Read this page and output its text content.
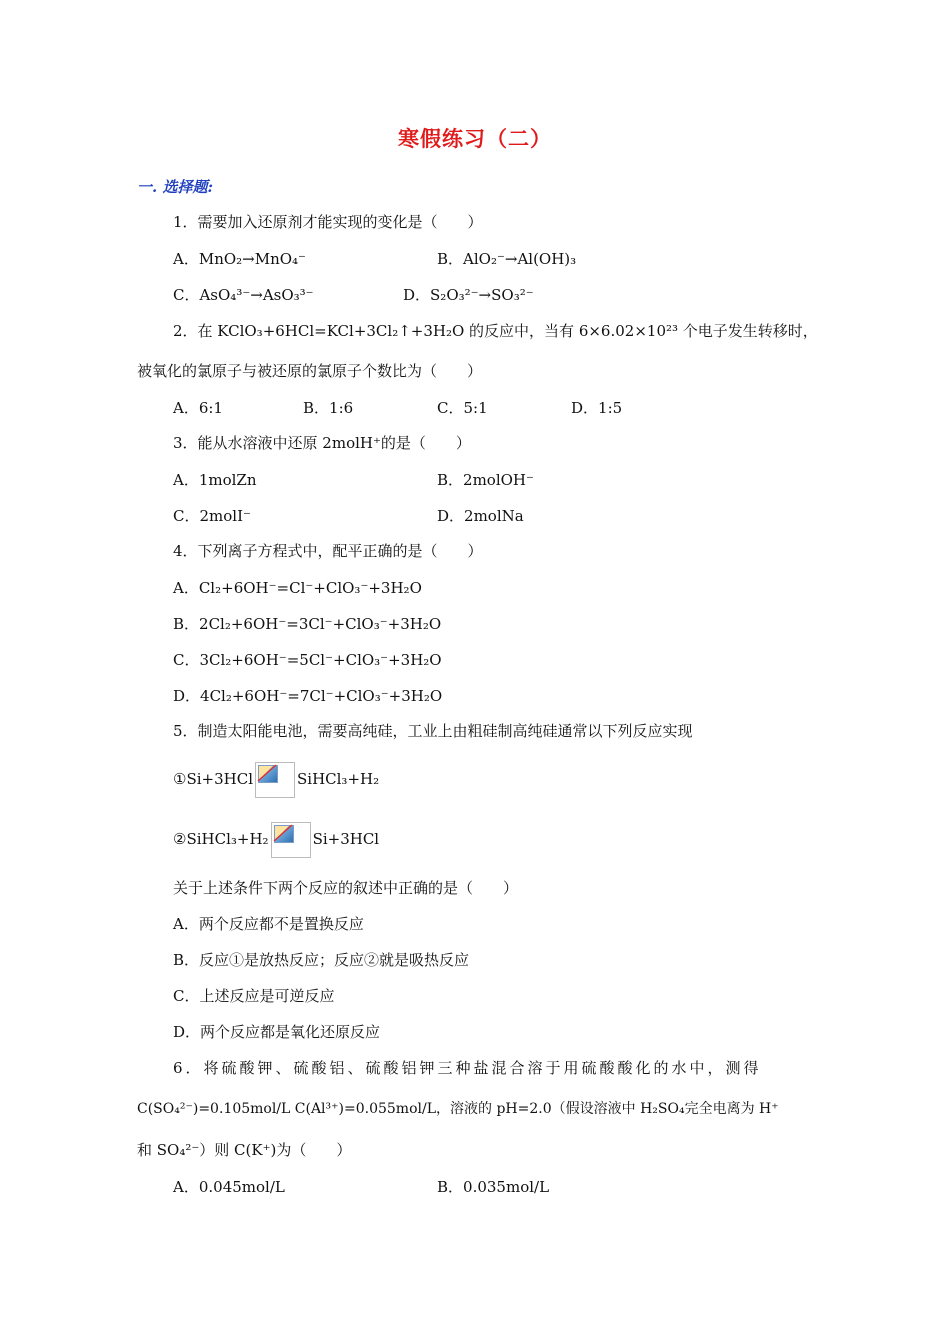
寒假练习（二）
一. 选择题:
1．需要加入还原剂才能实现的变化是（　　）
A．MnO₂→MnO₄⁻	B．AlO₂⁻→Al(OH)₃
C．AsO₄³⁻→AsO₃³⁻	D．S₂O₃²⁻→SO₃²⁻
2．在 KClO₃+6HCl=KCl+3Cl₂↑+3H₂O 的反应中，当有 6×6.02×10²³ 个电子发生转移时，
被氧化的氯原子与被还原的氯原子个数比为（　　）
A．6:1	B．1:6	C．5:1	D．1:5
3．能从水溶液中还原 2molH⁺的是（　　）
A．1molZn	B．2molOH⁻
C．2molI⁻	D．2molNa
4．下列离子方程式中，配平正确的是（　　）
A．Cl₂+6OH⁻=Cl⁻+ClO₃⁻+3H₂O
B．2Cl₂+6OH⁻=3Cl⁻+ClO₃⁻+3H₂O
C．3Cl₂+6OH⁻=5Cl⁻+ClO₃⁻+3H₂O
D．4Cl₂+6OH⁻=7Cl⁻+ClO₃⁻+3H₂O
5．制造太阳能电池，需要高纯硅，工业上由粗硅制高纯硅通常以下列反应实现
①Si+3HCl	SiHCl₃+H₂
②SiHCl₃+H₂	Si+3HCl
关于上述条件下两个反应的叙述中正确的是（　　）
A．两个反应都不是置换反应
B．反应①是放热反应；反应②就是吸热反应
C．上述反应是可逆反应
D．两个反应都是氧化还原反应
6．将硫酸钾、硫酸铝、硫酸铝钾三种盐混合溶于用硫酸酸化的水中，测得
C(SO₄²⁻)=0.105mol/L C(Al³⁺)=0.055mol/L，溶液的 pH=2.0（假设溶液中 H₂SO₄完全电离为 H⁺
和 SO₄²⁻）则 C(K⁺)为（　　）
A．0.045mol/L	B．0.035mol/L
